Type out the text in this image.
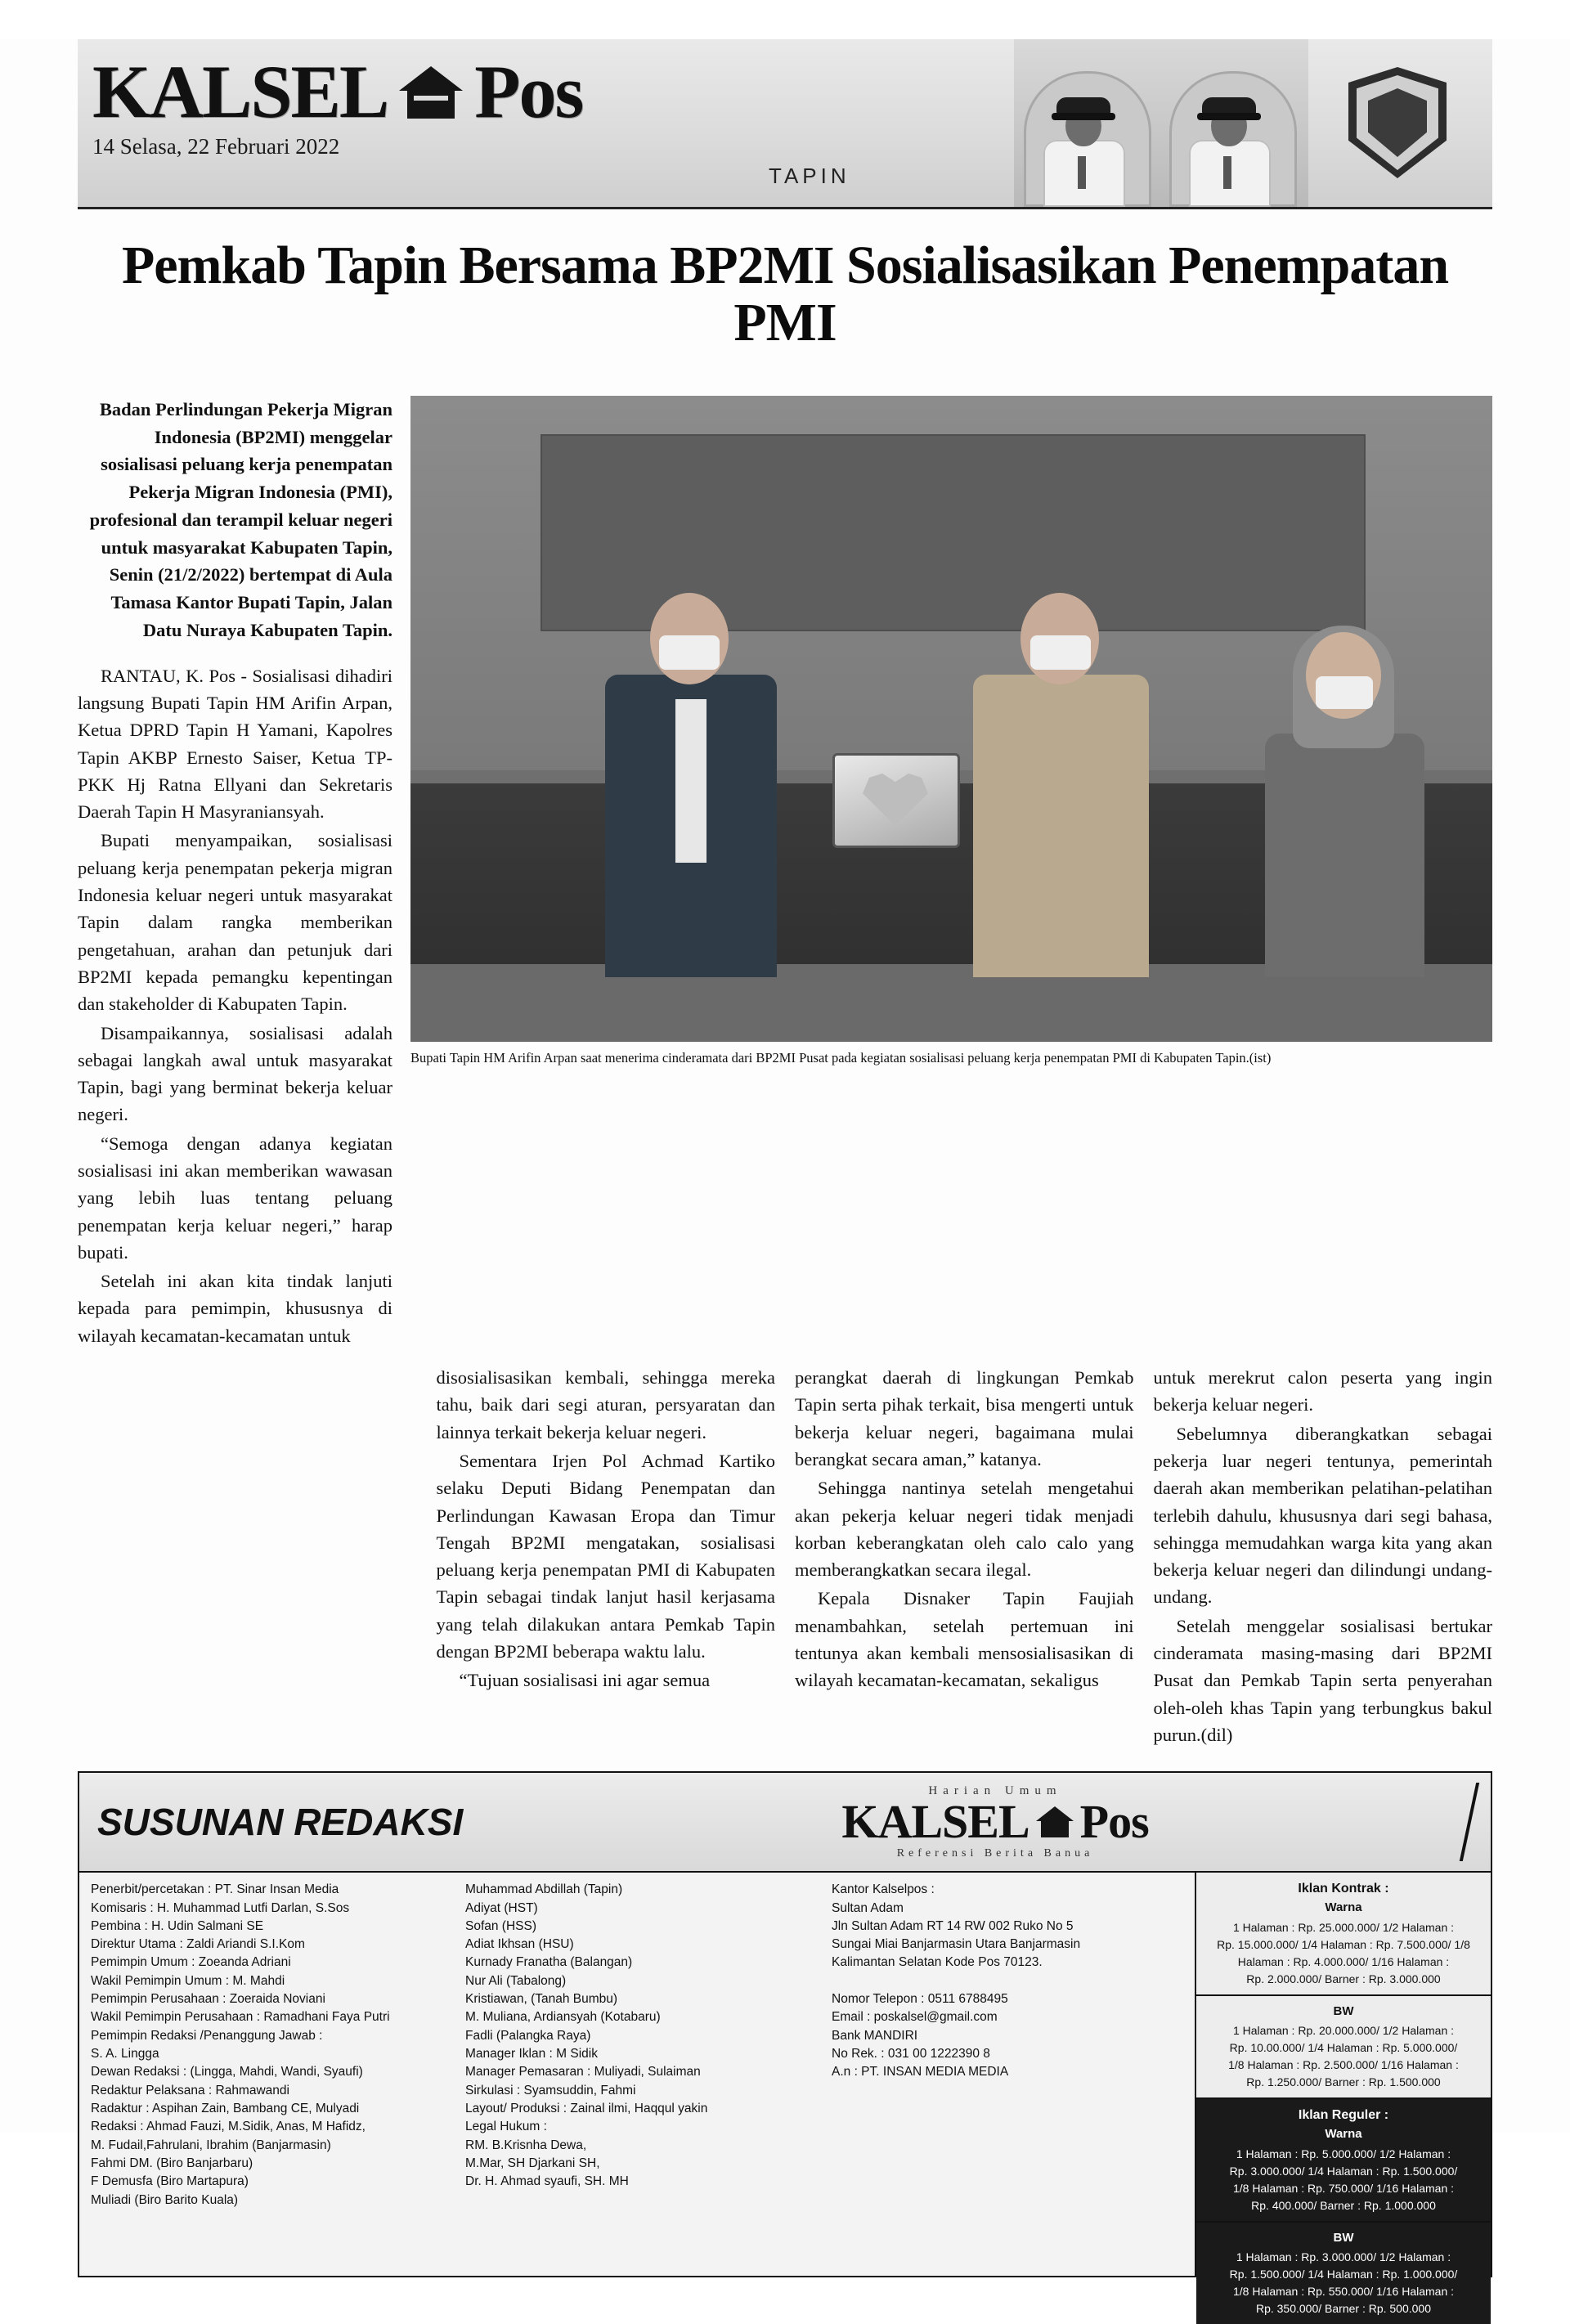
KALSEL Pos
14 Selasa, 22 Februari 2022
TAPIN
Pemkab Tapin Bersama BP2MI Sosialisasikan Penempatan PMI
Badan Perlindungan Pekerja Migran Indonesia (BP2MI) menggelar sosialisasi peluang kerja penempatan Pekerja Migran Indonesia (PMI), profesional dan terampil keluar negeri untuk masyarakat Kabupaten Tapin, Senin (21/2/2022) bertempat di Aula Tamasa Kantor Bupati Tapin, Jalan Datu Nuraya Kabupaten Tapin.

RANTAU, K. Pos - Sosialisasi dihadiri langsung Bupati Tapin HM Arifin Arpan, Ketua DPRD Tapin H Yamani, Kapolres Tapin AKBP Ernesto Saiser, Ketua TP-PKK Hj Ratna Ellyani dan Sekretaris Daerah Tapin H Masyraniansyah.

Bupati menyampaikan, sosialisasi peluang kerja penempatan pekerja migran Indonesia keluar negeri untuk masyarakat Tapin dalam rangka memberikan pengetahuan, arahan dan petunjuk dari BP2MI kepada pemangku kepentingan dan stakeholder di Kabupaten Tapin.

Disampaikannya, sosialisasi adalah sebagai langkah awal untuk masyarakat Tapin, bagi yang berminat bekerja keluar negeri.

“Semoga dengan adanya kegiatan sosialisasi ini akan memberikan wawasan yang lebih luas tentang peluang penempatan kerja keluar negeri,” harap bupati.

Setelah ini akan kita tindak lanjuti kepada para pemimpin, khususnya di wilayah kecamatan-kecamatan untuk

Bupati Tapin HM Arifin Arpan saat menerima cinderamata dari BP2MI Pusat pada kegiatan sosialisasi peluang kerja penempatan PMI di Kabupaten Tapin.(ist)

disosialisasikan kembali, sehingga mereka tahu, baik dari segi aturan, persyaratan dan lainnya terkait bekerja keluar negeri.

Sementara Irjen Pol Achmad Kartiko selaku Deputi Bidang Penempatan dan Perlindungan Kawasan Eropa dan Timur Tengah BP2MI mengatakan, sosialisasi peluang kerja penempatan PMI di Kabupaten Tapin sebagai tindak lanjut hasil kerjasama yang telah dilakukan antara Pemkab Tapin dengan BP2MI beberapa waktu lalu.

“Tujuan sosialisasi ini agar semua

perangkat daerah di lingkungan Pemkab Tapin serta pihak terkait, bisa mengerti untuk bekerja keluar negeri, bagaimana mulai berangkat secara aman,” katanya.

Sehingga nantinya setelah mengetahui akan pekerja keluar negeri tidak menjadi korban keberangkatan oleh calo calo yang memberangkatkan secara ilegal.

Kepala Disnaker Tapin Faujiah menambahkan, setelah pertemuan ini tentunya akan kembali mensosialisasikan di wilayah kecamatan-kecamatan, sekaligus

untuk merekrut calon peserta yang ingin bekerja keluar negeri.

Sebelumnya diberangkatkan sebagai pekerja luar negeri tentunya, pemerintah daerah akan memberikan pelatihan-pelatihan terlebih dahulu, khususnya dari segi bahasa, sehingga memudahkan warga kita yang akan bekerja keluar negeri dan dilindungi undang-undang.

Setelah menggelar sosialisasi bertukar cinderamata masing-masing dari BP2MI Pusat dan Pemkab Tapin serta penyerahan oleh-oleh khas Tapin yang terbungkus bakul purun.(dil)

SUSUNAN REDAKSI
Harian Umum
KALSEL Pos
Referensi Berita Banua
Penerbit/percetakan : PT. Sinar Insan Media
Komisaris : H. Muhammad Lutfi Darlan, S.Sos
Pembina : H. Udin Salmani SE
Direktur Utama : Zaldi Ariandi S.I.Kom
Pemimpin Umum : Zoeanda Adriani
Wakil Pemimpin Umum : M. Mahdi
Pemimpin Perusahaan : Zoeraida Noviani
Wakil Pemimpin Perusahaan : Ramadhani Faya Putri
Pemimpin Redaksi /Penanggung Jawab :
S. A. Lingga
Dewan Redaksi : (Lingga, Mahdi, Wandi, Syaufi)
Redaktur Pelaksana : Rahmawandi
Radaktur : Aspihan Zain, Bambang CE, Mulyadi
Redaksi : Ahmad Fauzi, M.Sidik, Anas, M Hafidz,
M. Fudail,Fahrulani, Ibrahim (Banjarmasin)
Fahmi DM. (Biro Banjarbaru)
F Demusfa (Biro Martapura)
Muliadi (Biro Barito Kuala)
Muhammad Abdillah (Tapin)
Adiyat (HST)
Sofan (HSS)
Adiat Ikhsan (HSU)
Kurnady Franatha (Balangan)
Nur Ali (Tabalong)
Kristiawan, (Tanah Bumbu)
M. Muliana, Ardiansyah (Kotabaru)
Fadli (Palangka Raya)
Manager Iklan : M Sidik
Manager Pemasaran : Muliyadi, Sulaiman
Sirkulasi : Syamsuddin, Fahmi
Layout/ Produksi : Zainal ilmi, Haqqul yakin
Legal Hukum :
RM. B.Krisnha Dewa,
M.Mar, SH Djarkani SH,
Dr. H. Ahmad syaufi, SH. MH
Kantor Kalselpos :
Sultan Adam
Jln Sultan Adam RT 14 RW 002 Ruko No 5
Sungai Miai Banjarmasin Utara Banjarmasin
Kalimantan Selatan Kode Pos 70123.

Nomor Telepon : 0511 6788495
Email : poskalsel@gmail.com
Bank MANDIRI
No Rek. : 031 00 1222390 8
A.n : PT. INSAN MEDIA MEDIA
Iklan Kontrak :
Warna
1 Halaman : Rp. 25.000.000/ 1/2 Halaman :
Rp. 15.000.000/ 1/4 Halaman : Rp. 7.500.000/ 1/8
Halaman : Rp. 4.000.000/ 1/16 Halaman :
Rp. 2.000.000/ Barner : Rp. 3.000.000
BW
1 Halaman : Rp. 20.000.000/ 1/2 Halaman :
Rp. 10.00.000/ 1/4 Halaman : Rp. 5.000.000/
1/8 Halaman : Rp. 2.500.000/ 1/16 Halaman :
Rp. 1.250.000/ Barner : Rp. 1.500.000
Iklan Reguler :
Warna
1 Halaman : Rp. 5.000.000/ 1/2 Halaman :
Rp. 3.000.000/ 1/4 Halaman : Rp. 1.500.000/
1/8 Halaman : Rp. 750.000/ 1/16 Halaman :
Rp. 400.000/ Barner : Rp. 1.000.000
BW
1 Halaman : Rp. 3.000.000/ 1/2 Halaman :
Rp. 1.500.000/ 1/4 Halaman : Rp. 1.000.000/
1/8 Halaman : Rp. 550.000/ 1/16 Halaman :
Rp. 350.000/ Barner : Rp. 500.000
